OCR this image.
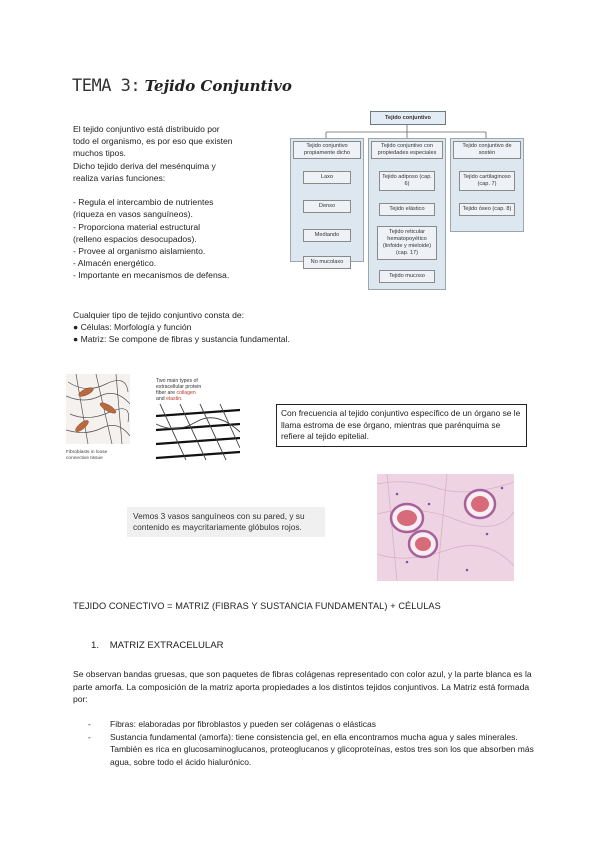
TEMA 3: Tejido Conjuntivo
El tejido conjuntivo está distribuido por
todo el organismo, es por eso que existen
muchos tipos.
Dicho tejido deriva del mesénquima y
realiza varias funciones:
- Regula el intercambio de nutrientes
(riqueza en vasos sanguíneos).
- Proporciona material estructural
(relleno espacios desocupados).
- Provee al organismo aislamiento.
- Almacén energético.
- Importante en mecanismos de defensa.
Tejido conjuntivo
Tejido conjuntivo propiamente dicho
Laxo
Denso
Mediando
No mucolaxo
Tejido conjuntivo con propiedades especiales
Tejido adiposo (cap. 6)
Tejido elástico
Tejido reticular hematopoyético (linfoide y mieloide) (cap. 17)
Tejido mucoso
Tejido conjuntivo de sostén
Tejido cartilaginoso (cap. 7)
Tejido óseo (cap. 8)
Cualquier tipo de tejido conjuntivo consta de:
● Células: Morfología y función
● Matriz: Se compone de fibras y sustancia fundamental.
Fibroblasts in loose connective tissue
Two main types of
extracellular protein
fiber are collagen
and elastin.
Con frecuencia al tejido conjuntivo específico de un órgano se le llama estroma de ese órgano, mientras que parénquima se refiere al tejido epitelial.
Vemos 3 vasos sanguíneos con su pared, y su contenido es maycritariamente glóbulos rojos.
TEJIDO CONECTIVO = MATRIZ (FIBRAS Y SUSTANCIA FUNDAMENTAL) + CÉLULAS
1. MATRIZ EXTRACELULAR
Se observan bandas gruesas, que son paquetes de fibras colágenas representado con color azul, y la parte blanca es la parte amorfa. La composición de la matriz aporta propiedades a los distintos tejidos conjuntivos. La Matriz está formada por:
-	Fibras: elaboradas por fibroblastos y pueden ser colágenas o elásticas
-	Sustancia fundamental (amorfa): tiene consistencia gel, en ella encontramos mucha agua y sales minerales. También es rica en glucosaminoglucanos, proteoglucanos y glicoproteínas, estos tres son los que absorben más agua, sobre todo el ácido hialurónico.
